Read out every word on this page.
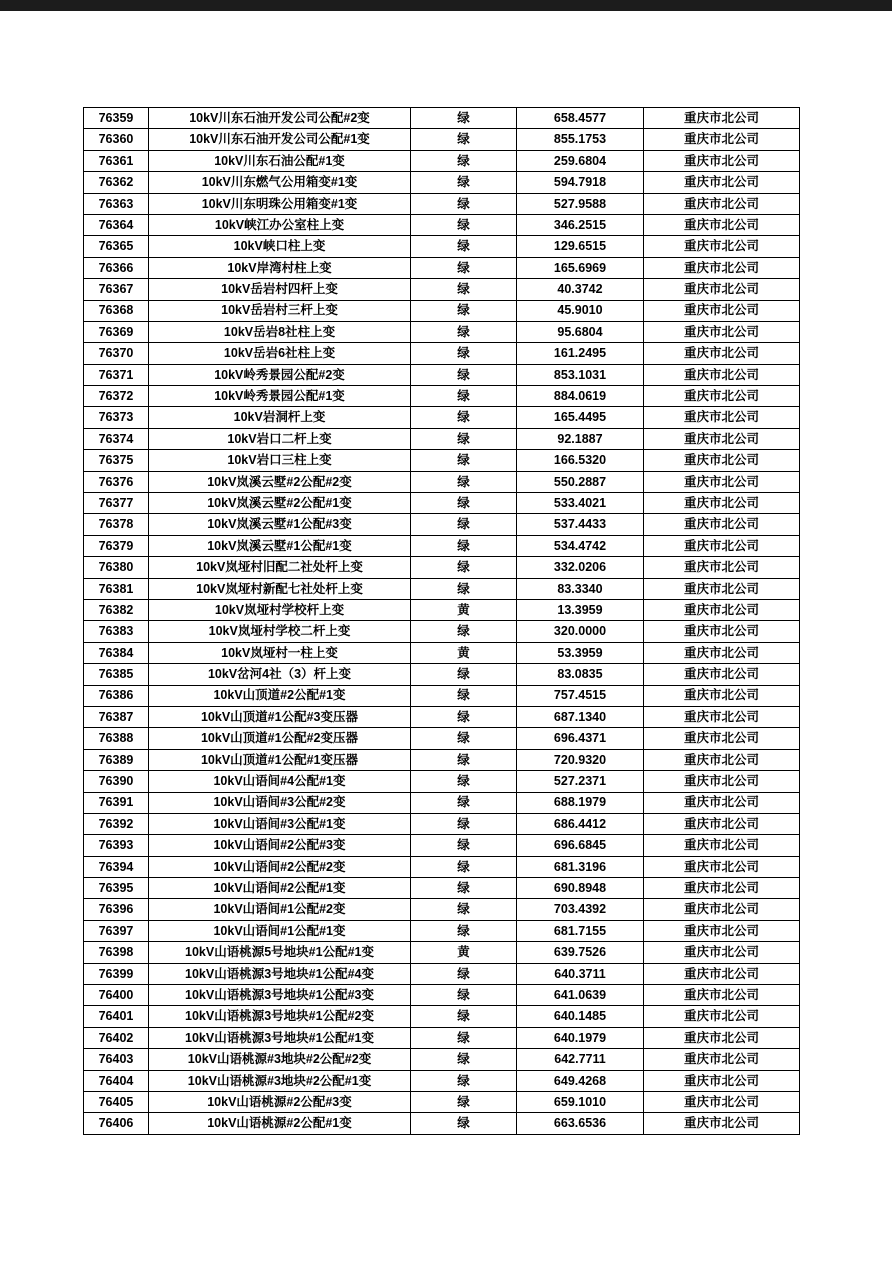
76359	10kV川东石油开发公司公配#2变	绿	658.4577	重庆市北公司
76360	10kV川东石油开发公司公配#1变	绿	855.1753	重庆市北公司
76361	10kV川东石油公配#1变	绿	259.6804	重庆市北公司
76362	10kV川东燃气公用箱变#1变	绿	594.7918	重庆市北公司
76363	10kV川东明珠公用箱变#1变	绿	527.9588	重庆市北公司
76364	10kV峡江办公室柱上变	绿	346.2515	重庆市北公司
76365	10kV峡口柱上变	绿	129.6515	重庆市北公司
76366	10kV岸湾村柱上变	绿	165.6969	重庆市北公司
76367	10kV岳岩村四杆上变	绿	40.3742	重庆市北公司
76368	10kV岳岩村三杆上变	绿	45.9010	重庆市北公司
76369	10kV岳岩8社柱上变	绿	95.6804	重庆市北公司
76370	10kV岳岩6社柱上变	绿	161.2495	重庆市北公司
76371	10kV岭秀景园公配#2变	绿	853.1031	重庆市北公司
76372	10kV岭秀景园公配#1变	绿	884.0619	重庆市北公司
76373	10kV岩洞杆上变	绿	165.4495	重庆市北公司
76374	10kV岩口二杆上变	绿	92.1887	重庆市北公司
76375	10kV岩口三柱上变	绿	166.5320	重庆市北公司
76376	10kV岚溪云墅#2公配#2变	绿	550.2887	重庆市北公司
76377	10kV岚溪云墅#2公配#1变	绿	533.4021	重庆市北公司
76378	10kV岚溪云墅#1公配#3变	绿	537.4433	重庆市北公司
76379	10kV岚溪云墅#1公配#1变	绿	534.4742	重庆市北公司
76380	10kV岚垭村旧配二社处杆上变	绿	332.0206	重庆市北公司
76381	10kV岚垭村新配七社处杆上变	绿	83.3340	重庆市北公司
76382	10kV岚垭村学校杆上变	黄	13.3959	重庆市北公司
76383	10kV岚垭村学校二杆上变	绿	320.0000	重庆市北公司
76384	10kV岚垭村一柱上变	黄	53.3959	重庆市北公司
76385	10kV岔河4社（3）杆上变	绿	83.0835	重庆市北公司
76386	10kV山顶道#2公配#1变	绿	757.4515	重庆市北公司
76387	10kV山顶道#1公配#3变压器	绿	687.1340	重庆市北公司
76388	10kV山顶道#1公配#2变压器	绿	696.4371	重庆市北公司
76389	10kV山顶道#1公配#1变压器	绿	720.9320	重庆市北公司
76390	10kV山语间#4公配#1变	绿	527.2371	重庆市北公司
76391	10kV山语间#3公配#2变	绿	688.1979	重庆市北公司
76392	10kV山语间#3公配#1变	绿	686.4412	重庆市北公司
76393	10kV山语间#2公配#3变	绿	696.6845	重庆市北公司
76394	10kV山语间#2公配#2变	绿	681.3196	重庆市北公司
76395	10kV山语间#2公配#1变	绿	690.8948	重庆市北公司
76396	10kV山语间#1公配#2变	绿	703.4392	重庆市北公司
76397	10kV山语间#1公配#1变	绿	681.7155	重庆市北公司
76398	10kV山语桃源5号地块#1公配#1变	黄	639.7526	重庆市北公司
76399	10kV山语桃源3号地块#1公配#4变	绿	640.3711	重庆市北公司
76400	10kV山语桃源3号地块#1公配#3变	绿	641.0639	重庆市北公司
76401	10kV山语桃源3号地块#1公配#2变	绿	640.1485	重庆市北公司
76402	10kV山语桃源3号地块#1公配#1变	绿	640.1979	重庆市北公司
76403	10kV山语桃源#3地块#2公配#2变	绿	642.7711	重庆市北公司
76404	10kV山语桃源#3地块#2公配#1变	绿	649.4268	重庆市北公司
76405	10kV山语桃源#2公配#3变	绿	659.1010	重庆市北公司
76406	10kV山语桃源#2公配#1变	绿	663.6536	重庆市北公司
